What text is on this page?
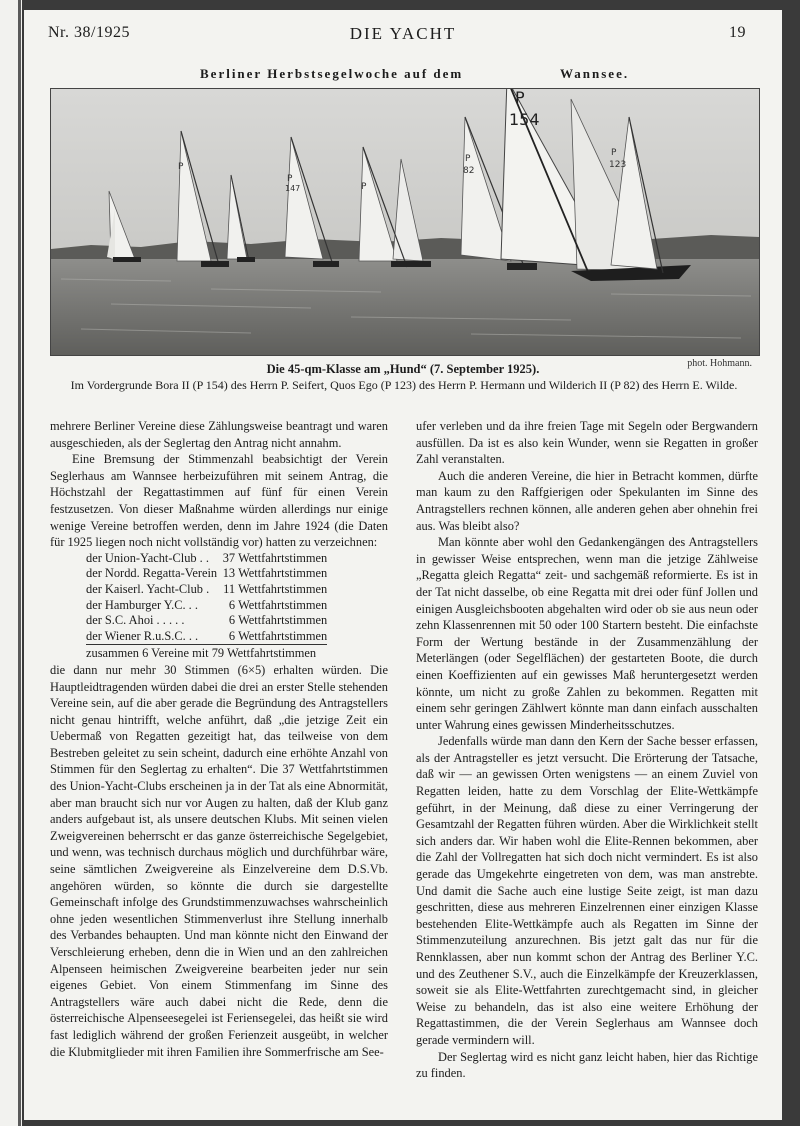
Nr. 38/1925	DIE YACHT	19
Berliner Herbstsegelwoche auf dem	Wannsee.
P
P
147	P
P
82
P
154
P
123
phot. Hohmann.
Die 45-qm-Klasse am „Hund“ (7. September 1925).
Im Vordergrunde Bora II (P 154) des Herrn P. Seifert, Quos Ego (P 123) des Herrn P. Hermann und Wilderich II (P 82) des Herrn E. Wilde.

mehrere Berliner Vereine diese Zählungsweise beantragt und waren ausgeschieden, als der Seglertag den Antrag nicht annahm.

Eine Bremsung der Stimmenzahl beabsichtigt der Verein Seglerhaus am Wannsee herbeizuführen mit seinem Antrag, die Höchstzahl der Regattastimmen auf fünf für einen Verein festzusetzen. Von dieser Maßnahme würden allerdings nur einige wenige Vereine betroffen werden, denn im Jahre 1924 (die Daten für 1925 liegen noch nicht vollständig vor) hatten zu verzeichnen:

der Union-Yacht-Club . .	37	Wettfahrtstimmen
der Nordd. Regatta-Verein	13	Wettfahrtstimmen
der Kaiserl. Yacht-Club .	11	Wettfahrtstimmen
der Hamburger Y.C. . .	6	Wettfahrtstimmen
der S.C. Ahoi . . . . .	6	Wettfahrtstimmen
der Wiener R.u.S.C. . .	6	Wettfahrtstimmen
zusammen 6 Vereine mit 79 Wettfahrtstimmen

die dann nur mehr 30 Stimmen (6×5) erhalten würden. Die Hauptleidtragenden würden dabei die drei an erster Stelle stehenden Vereine sein, auf die aber gerade die Begründung des Antragstellers nicht genau hintrifft, welche anführt, daß „die jetzige Zeit ein Uebermaß von Regatten gezeitigt hat, das teilweise von dem Bestreben geleitet zu sein scheint, dadurch eine erhöhte Anzahl von Stimmen für den Seglertag zu erhalten“. Die 37 Wettfahrtstimmen des Union-Yacht-Clubs erscheinen ja in der Tat als eine Abnormität, aber man braucht sich nur vor Augen zu halten, daß der Klub ganz anders aufgebaut ist, als unsere deutschen Klubs. Mit seinen vielen Zweigvereinen beherrscht er das ganze österreichische Segelgebiet, und wenn, was technisch durchaus möglich und durchführbar wäre, seine sämtlichen Zweigvereine als Einzelvereine dem D.S.Vb. angehören würden, so könnte die durch sie dargestellte Gemeinschaft infolge des Grundstimmenzuwachses wahrscheinlich ohne jeden wesentlichen Stimmenverlust ihre Stellung innerhalb des Verbandes behaupten. Und man könnte nicht den Einwand der Verschleierung erheben, denn die in Wien und an den zahlreichen Alpenseen heimischen Zweigvereine bearbeiten jeder nur sein eigenes Gebiet. Von einem Stimmenfang im Sinne des Antragstellers wäre auch dabei nicht die Rede, denn die österreichische Alpenseesegelei ist Feriensegelei, das heißt sie wird fast lediglich während der großen Ferienzeit ausgeübt, in welcher die Klubmitglieder mit ihren Familien ihre Sommerfrische am See-

ufer verleben und da ihre freien Tage mit Segeln oder Bergwandern ausfüllen. Da ist es also kein Wunder, wenn sie Regatten in großer Zahl veranstalten.

Auch die anderen Vereine, die hier in Betracht kommen, dürfte man kaum zu den Raffgierigen oder Spekulanten im Sinne des Antragstellers rechnen können, alle anderen gehen aber ohnehin frei aus. Was bleibt also?

Man könnte aber wohl den Gedankengängen des Antragstellers in gewisser Weise entsprechen, wenn man die jetzige Zählweise „Regatta gleich Regatta“ zeit- und sachgemäß reformierte. Es ist in der Tat nicht dasselbe, ob eine Regatta mit drei oder fünf Jollen und einigen Ausgleichsbooten abgehalten wird oder ob sie aus neun oder zehn Klassenrennen mit 50 oder 100 Startern besteht. Die einfachste Form der Wertung bestände in der Zusammenzählung der Meterlängen (oder Segelflächen) der gestarteten Boote, die durch einen Koeffizienten auf ein gewisses Maß heruntergesetzt werden könnte, um nicht zu große Zahlen zu bekommen. Regatten mit einem sehr geringen Zählwert könnte man dann einfach ausschalten unter Wahrung eines gewissen Minderheitsschutzes.

Jedenfalls würde man dann den Kern der Sache besser erfassen, als der Antragsteller es jetzt versucht. Die Erörterung der Tatsache, daß wir — an gewissen Orten wenigstens — an einem Zuviel von Regatten leiden, hatte zu dem Vorschlag der Elite-Wettkämpfe geführt, in der Meinung, daß diese zu einer Verringerung der Gesamtzahl der Regatten führen würden. Aber die Wirklichkeit stellt sich anders dar. Wir haben wohl die Elite-Rennen bekommen, aber die Zahl der Vollregatten hat sich doch nicht vermindert. Es ist also gerade das Umgekehrte eingetreten von dem, was man anstrebte. Und damit die Sache auch eine lustige Seite zeigt, ist man dazu geschritten, diese aus mehreren Einzelrennen einer einzigen Klasse bestehenden Elite-Wettkämpfe auch als Regatten im Sinne der Stimmenzuteilung anzurechnen. Bis jetzt galt das nur für die Rennklassen, aber nun kommt schon der Antrag des Berliner Y.C. und des Zeuthener S.V., auch die Einzelkämpfe der Kreuzerklassen, soweit sie als Elite-Wettfahrten zurechtgemacht sind, in gleicher Weise zu behandeln, das ist also eine weitere Erhöhung der Regattastimmen, die der Verein Seglerhaus am Wannsee doch gerade vermindern will.

Der Seglertag wird es nicht ganz leicht haben, hier das Richtige zu finden.
